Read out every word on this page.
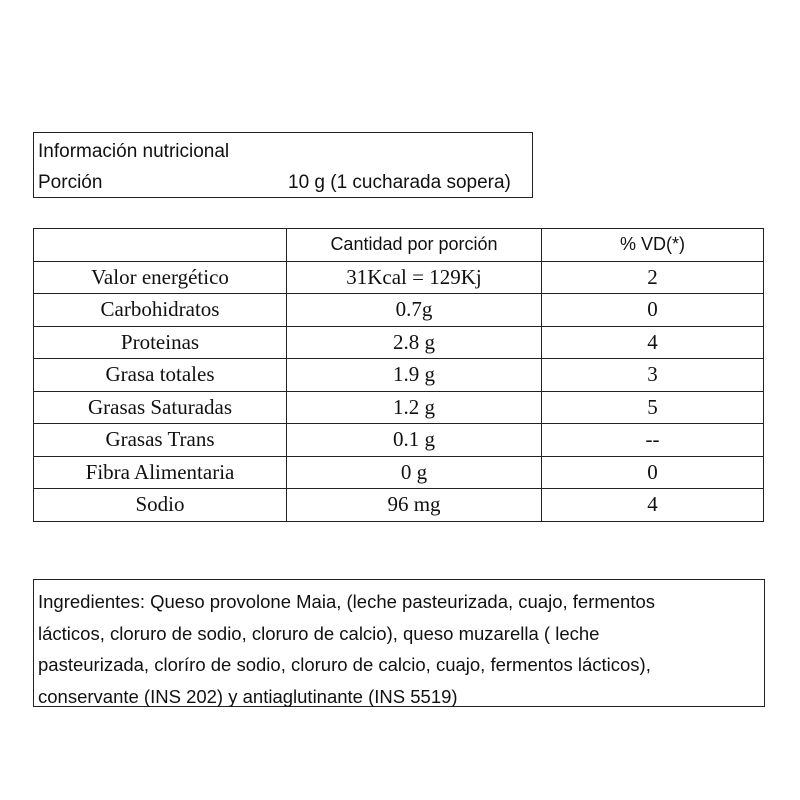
Información nutricional
Porción	10 g (1 cucharada sopera)
	Cantidad por porción	% VD(*)
Valor energético	31Kcal = 129Kj	2
Carbohidratos	0.7g	0
Proteinas	2.8 g	4
Grasa totales	1.9 g	3
Grasas Saturadas	1.2 g	5
Grasas Trans	0.1 g	--
Fibra Alimentaria	0 g	0
Sodio	96 mg	4
Ingredientes: Queso provolone Maia, (leche pasteurizada, cuajo, fermentos
lácticos, cloruro de sodio, cloruro de calcio), queso muzarella ( leche
pasteurizada, cloríro de sodio, cloruro de calcio, cuajo, fermentos lácticos),
conservante (INS 202) y antiaglutinante (INS 5519)
